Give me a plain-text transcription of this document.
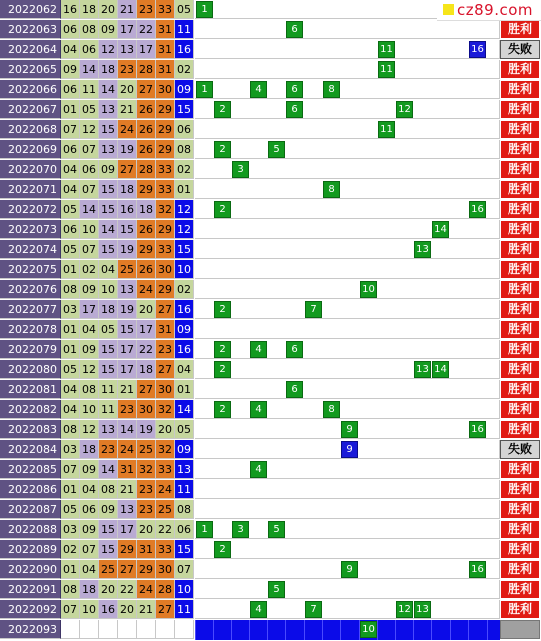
cz89.com
2022062 16 18 20 21 23 33 05	1
2022063 06 08 09 17 22 31 11	6	胜利
2022064 04 06 12 13 17 31 16	11	16	失败
2022065 09 14 18 23 28 31 02	11	胜利
2022066 06 11 14 20 27 30 09	1	4	6	8	胜利
2022067 01 05 13 21 26 29 15	2	6	12	胜利
2022068 07 12 15 24 26 29 06	11	胜利
2022069 06 07 13 19 26 29 08	2	5	胜利
2022070 04 06 09 27 28 33 02	3	胜利
2022071 04 07 15 18 29 33 01	8	胜利
2022072 05 14 15 16 18 32 12	2	16	胜利
2022073 06 10 14 15 26 29 12	14	胜利
2022074 05 07 15 19 29 33 15	13	胜利
2022075 01 02 04 25 26 30 10	胜利
2022076 08 09 10 13 24 29 02	10	胜利
2022077 03 17 18 19 20 27 16	2	7	胜利
2022078 01 04 05 15 17 31 09	胜利
2022079 01 09 15 17 22 23 16	2	4	6	胜利
2022080 05 12 15 17 18 27 04	2	13 14	胜利
2022081 04 08 11 21 27 30 01	6	胜利
2022082 04 10 11 23 30 32 14	2	4	8	胜利
2022083 08 12 13 14 19 20 05	9	16	胜利
2022084 03 18 23 24 25 32 09	9	失败
2022085 07 09 14 31 32 33 13	4	胜利
2022086 01 04 08 21 23 24 11	胜利
2022087 05 06 09 13 23 25 08	胜利
2022088 03 09 15 17 20 22 06	1	3	5	胜利
2022089 02 07 15 29 31 33 15	2	胜利
2022090 01 04 25 27 29 30 07	9	16	胜利
2022091 08 18 20 22 24 28 10	5	胜利
2022092 07 10 16 20 21 27 11	4	7	12 13	胜利
2022093	10
